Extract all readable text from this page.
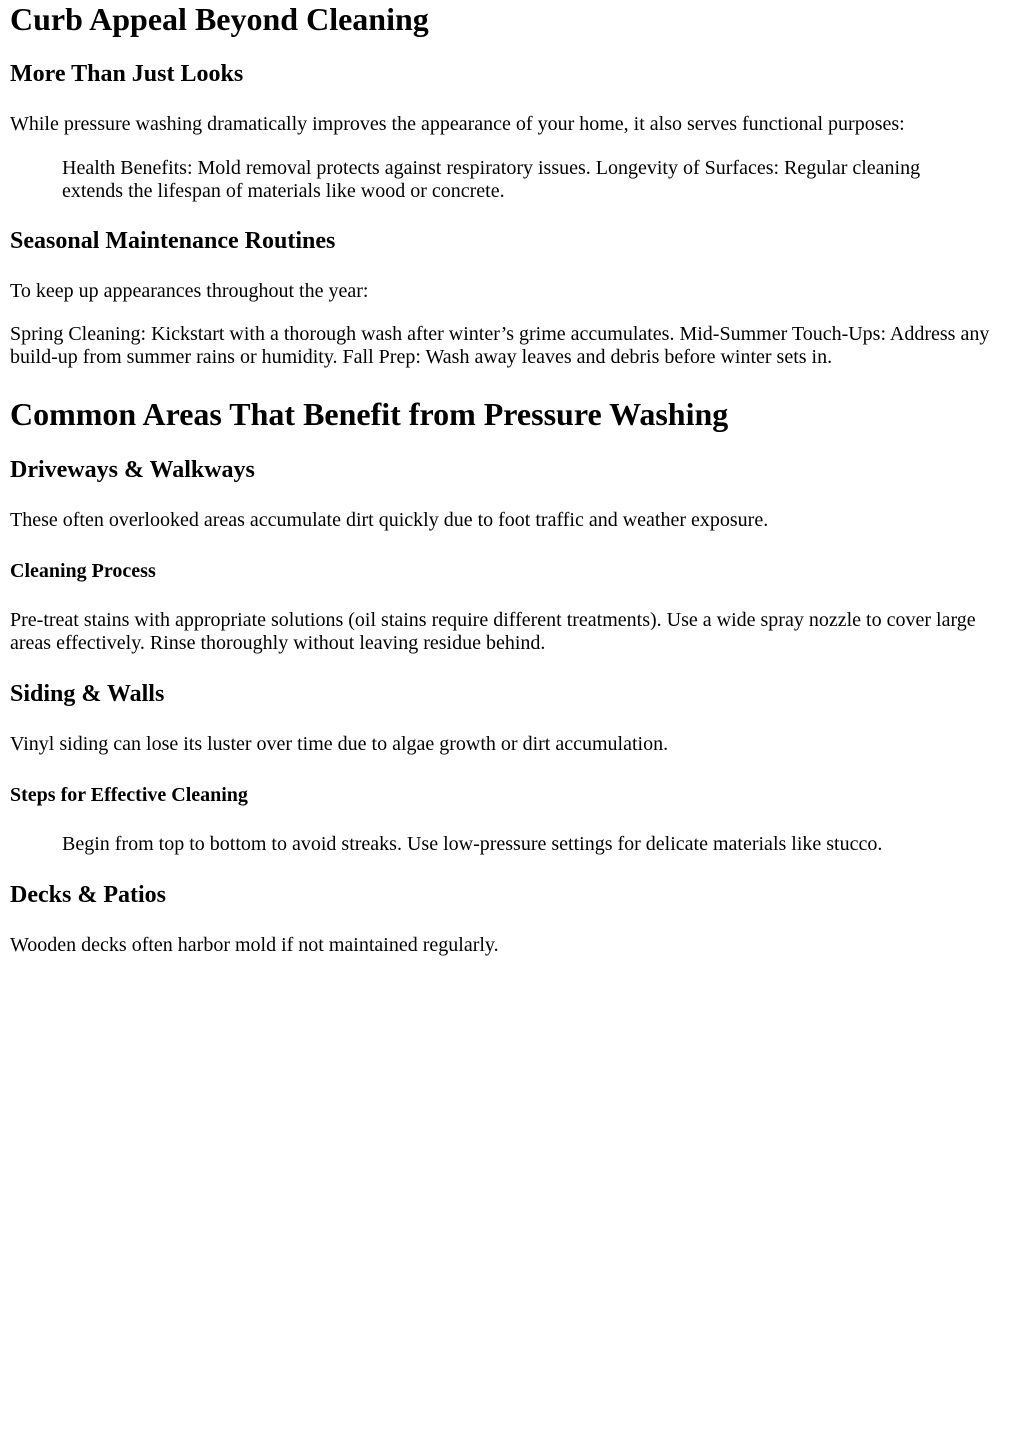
Curb Appeal Beyond Cleaning
More Than Just Looks

While pressure washing dramatically improves the appearance of your home, it also serves functional purposes:

Health Benefits: Mold removal protects against respiratory issues. Longevity of Surfaces: Regular cleaning extends the lifespan of materials like wood or concrete.
Seasonal Maintenance Routines

To keep up appearances throughout the year:

Spring Cleaning: Kickstart with a thorough wash after winter’s grime accumulates. Mid-Summer Touch-Ups: Address any build-up from summer rains or humidity. Fall Prep: Wash away leaves and debris before winter sets in.

Common Areas That Benefit from Pressure Washing
Driveways & Walkways

These often overlooked areas accumulate dirt quickly due to foot traffic and weather exposure.

Cleaning Process

Pre-treat stains with appropriate solutions (oil stains require different treatments). Use a wide spray nozzle to cover large areas effectively. Rinse thoroughly without leaving residue behind.

Siding & Walls

Vinyl siding can lose its luster over time due to algae growth or dirt accumulation.

Steps for Effective Cleaning
Begin from top to bottom to avoid streaks. Use low-pressure settings for delicate materials like stucco.
Decks & Patios

Wooden decks often harbor mold if not maintained regularly.
